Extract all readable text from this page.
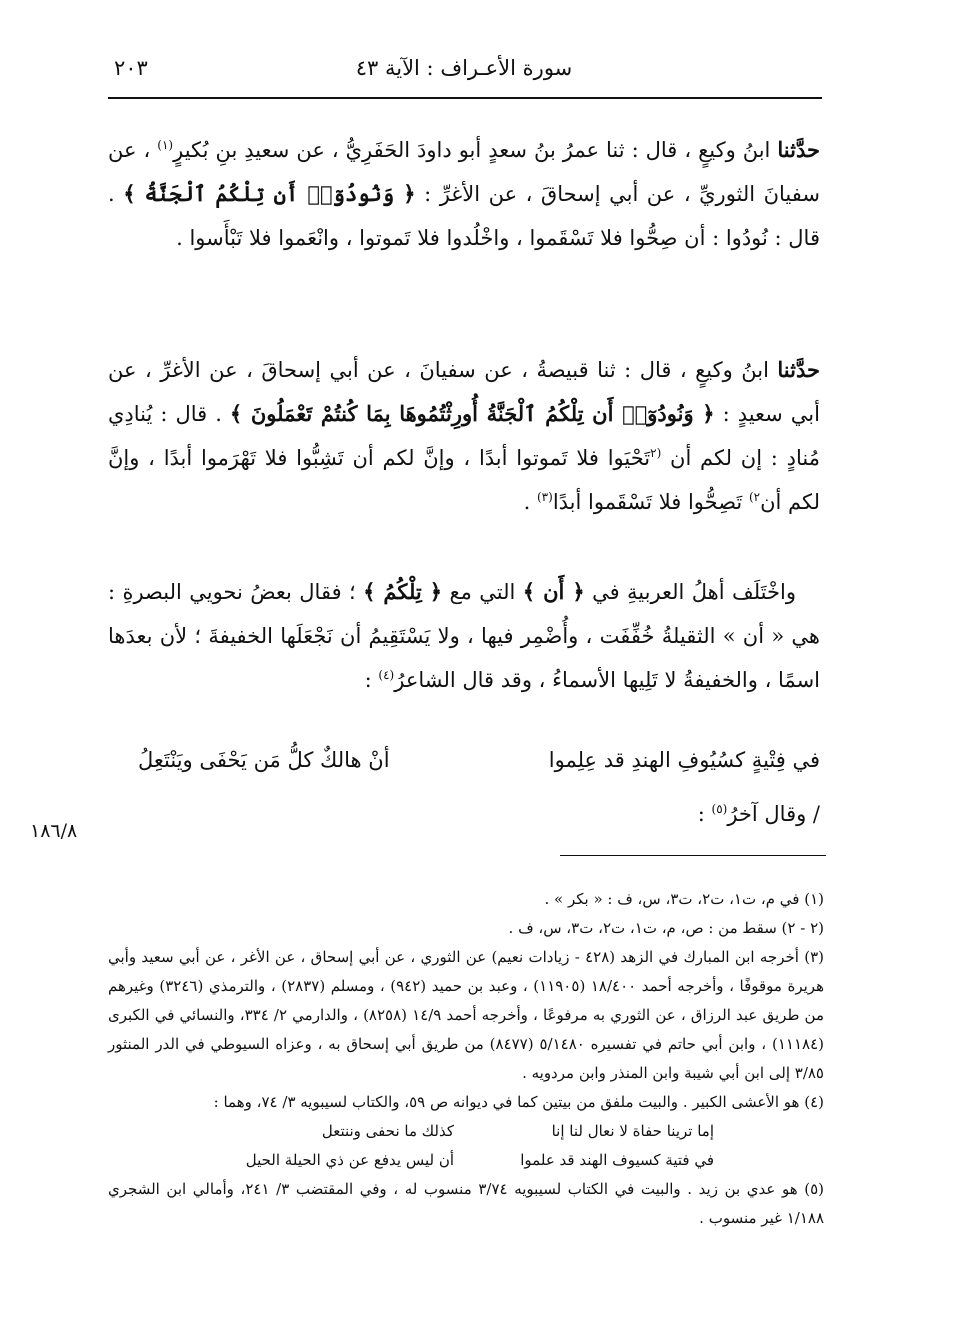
سورة الأعـراف : الآية ٤٣
٢٠٣

حدَّثنا ابنُ وكيعٍ ، قال : ثنا عمرُ بنُ سعدٍ أبو داودَ الحَفَرِيُّ ، عن سعيدِ بنِ بُكيرٍ$^{(١)}$ ، عن سفيانَ الثوريِّ ، عن أبي إسحاقَ ، عن الأغرِّ : ﴿ وَنُودُوٓا۟ أَن تِلْكُمُ ٱلْجَنَّةُ ﴾ . قال : نُودُوا : أن صِحُّوا فلا تَسْقَموا ، واخْلُدوا فلا تَموتوا ، وانْعَموا فلا تَبْأَسوا .

حدَّثنا ابنُ وكيعٍ ، قال : ثنا قبيصةُ ، عن سفيانَ ، عن أبي إسحاقَ ، عن الأغرِّ ، عن أبي سعيدٍ : ﴿ وَنُودُوٓا۟ أَن تِلْكُمُ ٱلْجَنَّةُ أُورِثْتُمُوهَا بِمَا كُنتُمْ تَعْمَلُونَ ﴾ . قال : يُنادِي مُنادٍ : إن لكم أن $^{(٢}$تَحْيَوا فلا تَموتوا أبدًا ، وإنَّ لكم أن تَشِبُّوا فلا تَهْرَموا أبدًا ، وإنَّ لكم أن$^{٢)}$ تَصِحُّوا فلا تَسْقَموا أبدًا$^{(٣)}$ .

واخْتَلَف أهلُ العربيةِ في ﴿ أَن ﴾ التي مع ﴿ تِلْكُمُ ﴾ ؛ فقال بعضُ نحويي البصرةِ : هي « أن » الثقيلةُ خُفِّفَت ، وأُضْمِر فيها ، ولا يَسْتَقِيمُ أن نَجْعَلَها الخفيفةَ ؛ لأن بعدَها اسمًا ، والخفيفةُ لا تَلِيها الأسماءُ ، وقد قال الشاعرُ$^{(٤)}$ :

في فِتْيةٍ كسُيُوفِ الهندِ قد عِلِموا
أنْ هالكٌ كلُّ مَن يَحْفَى ويَنْتَعِلُ

/ وقال آخرُ$^{(٥)}$ :

١٨٦/٨

(١) في م، ت١، ت٢، ت٣، س، ف : « بكر » .

(٢ - ٢) سقط من : ص، م، ت١، ت٢، ت٣، س، ف .

(٣) أخرجه ابن المبارك في الزهد (٤٢٨ - زيادات نعيم) عن الثوري ، عن أبي إسحاق ، عن الأغر ، عن أبي سعيد وأبي هريرة موقوفًا ، وأخرجه أحمد ١٨/٤٠٠ (١١٩٠٥) ، وعبد بن حميد (٩٤٢) ، ومسلم (٢٨٣٧) ، والترمذي (٣٢٤٦) وغيرهم من طريق عبد الرزاق ، عن الثوري به مرفوعًا ، وأخرجه أحمد ١٤/٩ (٨٢٥٨) ، والدارمي ٢/ ٣٣٤، والنسائي في الكبرى (١١١٨٤) ، وابن أبي حاتم في تفسيره ٥/١٤٨٠ (٨٤٧٧) من طريق أبي إسحاق به ، وعزاه السيوطي في الدر المنثور ٣/٨٥ إلى ابن أبي شيبة وابن المنذر وابن مردويه .

(٤) هو الأعشى الكبير . والبيت ملفق من بيتين كما في ديوانه ص ٥٩، والكتاب لسيبويه ٣/ ٧٤، وهما :

إما ترينا حفاة لا نعال لنا إنا
كذلك ما نحفى وننتعل
في فتية كسيوف الهند قد علموا
أن ليس يدفع عن ذي الحيلة الحيل

(٥) هو عدي بن زيد . والبيت في الكتاب لسيبويه ٣/٧٤ منسوب له ، وفي المقتضب ٣/ ٢٤١، وأمالي ابن الشجري ١/١٨٨ غير منسوب .
